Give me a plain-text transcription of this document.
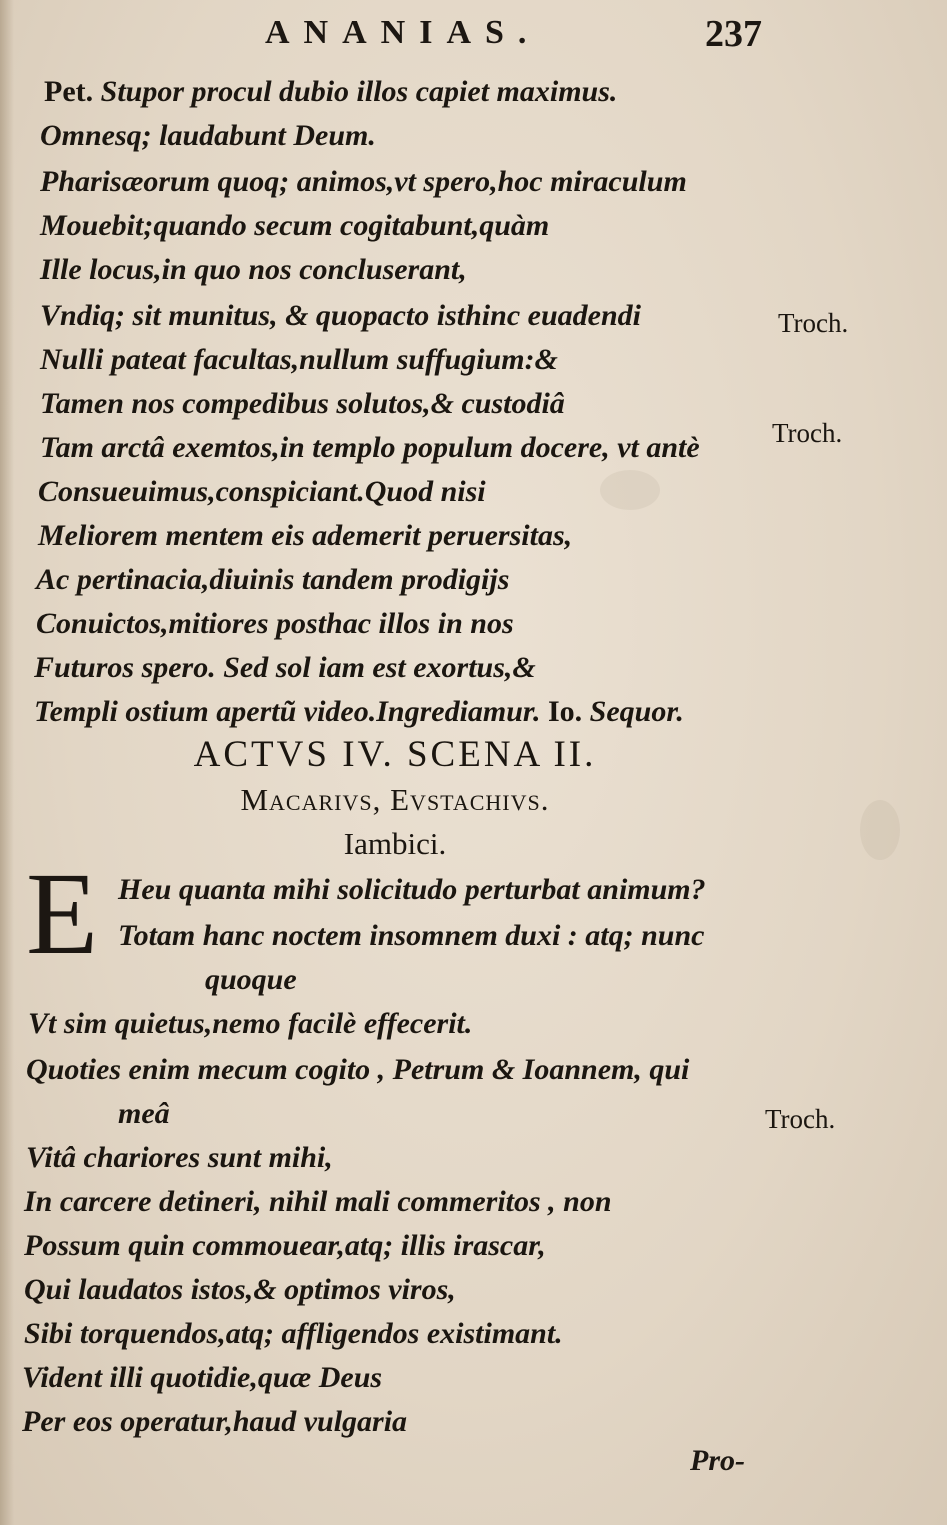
ANANIAS.	237
Pet. Stupor procul dubio illos capiet maximus.
Omnesq; laudabunt Deum.
Pharisæorum quoq; animos,vt spero,hoc miraculum
Mouebit;quando secum cogitabunt,quàm
Ille locus,in quo nos concluserant,
Vndiq; sit munitus, & quopacto isthinc euadendi
Nulli pateat facultas,nullum suffugium:&
Tamen nos compedibus solutos,& custodiâ
Tam arctâ exemtos,in templo populum docere, vt antè
Consueuimus,conspiciant.Quod nisi
Meliorem mentem eis ademerit peruersitas,
Ac pertinacia,diuinis tandem prodigijs
Conuictos,mitiores posthac illos in nos
Futuros spero. Sed sol iam est exortus,&
Templi ostium apertũ video.Ingrediamur. Io. Sequor.
ACTVS IV. SCENA II.
Macarivs, Evstachivs.
Iambici.
E Heu quanta mihi solicitudo perturbat animum?
Totam hanc noctem insomnem duxi : atq; nunc
quoque
Vt sim quietus,nemo facilè effecerit.
Quoties enim mecum cogito , Petrum & Ioannem, qui
meâ
Vitâ chariores sunt mihi,
In carcere detineri, nihil mali commeritos , non
Possum quin commouear,atq; illis irascar,
Qui laudatos istos,& optimos viros,
Sibi torquendos,atq; affligendos existimant.
Vident illi quotidie,quæ Deus
Per eos operatur,haud vulgaria
Troch.
Troch.
Troch.
Pro-
